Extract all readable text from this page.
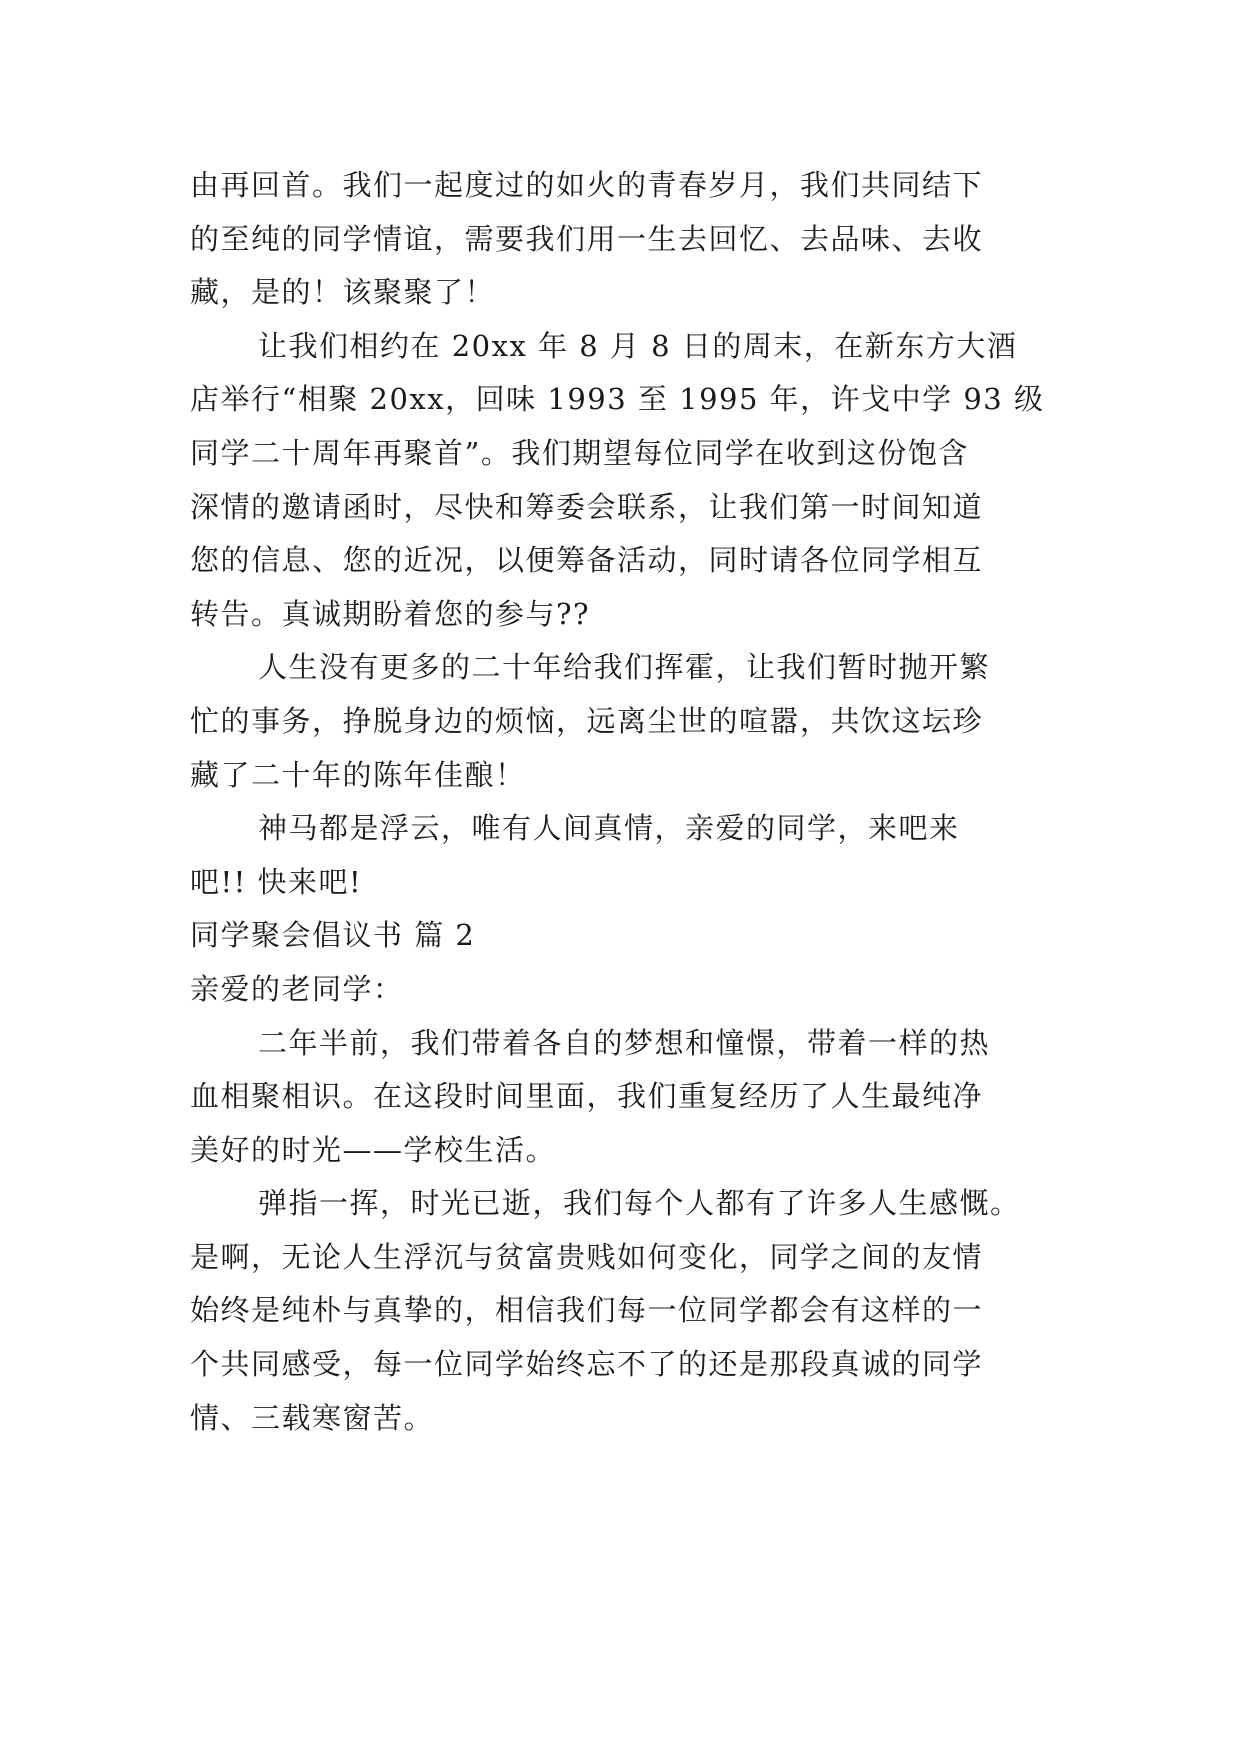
由再回首。我们一起度过的如火的青春岁月，我们共同结下
的至纯的同学情谊，需要我们用一生去回忆、去品味、去收
藏，是的！该聚聚了！
让我们相约在 20xx 年 8 月 8 日的周末，在新东方大酒
店举行“相聚 20xx，回味 1993 至 1995 年，许戈中学 93 级
同学二十周年再聚首”。我们期望每位同学在收到这份饱含
深情的邀请函时，尽快和筹委会联系，让我们第一时间知道
您的信息、您的近况，以便筹备活动，同时请各位同学相互
转告。真诚期盼着您的参与??
人生没有更多的二十年给我们挥霍，让我们暂时抛开繁
忙的事务，挣脱身边的烦恼，远离尘世的喧嚣，共饮这坛珍
藏了二十年的陈年佳酿！
神马都是浮云，唯有人间真情，亲爱的同学，来吧来
吧!! 快来吧!
同学聚会倡议书 篇 2
亲爱的老同学：
二年半前，我们带着各自的梦想和憧憬，带着一样的热
血相聚相识。在这段时间里面，我们重复经历了人生最纯净
美好的时光——学校生活。
弹指一挥，时光已逝，我们每个人都有了许多人生感慨。
是啊，无论人生浮沉与贫富贵贱如何变化，同学之间的友情
始终是纯朴与真挚的，相信我们每一位同学都会有这样的一
个共同感受，每一位同学始终忘不了的还是那段真诚的同学
情、三载寒窗苦。
